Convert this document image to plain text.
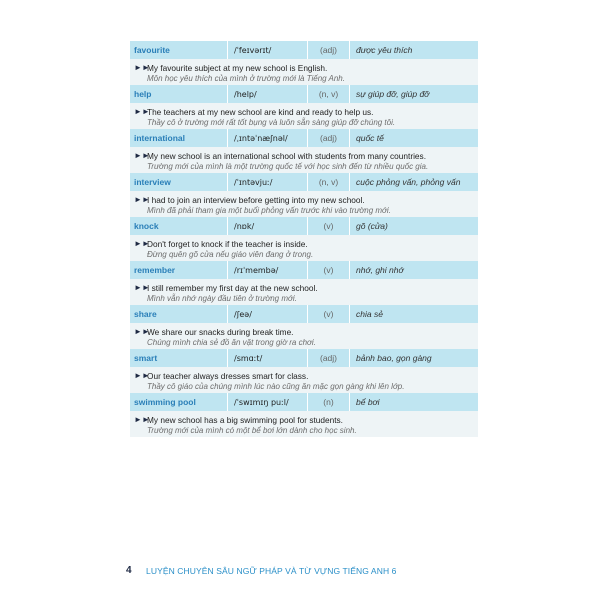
favourite	/ˈfeɪvərɪt/	(adj)	được yêu thích
►►
My favourite subject at my new school is English.
Môn học yêu thích của mình ở trường mới là Tiếng Anh.
help	/help/	(n, v)	sự giúp đỡ, giúp đỡ
►►
The teachers at my new school are kind and ready to help us.
Thầy cô ở trường mới rất tốt bụng và luôn sẵn sàng giúp đỡ chúng tôi.
international	/ˌɪntəˈnæʃnəl/	(adj)	quốc tế
►►
My new school is an international school with students from many countries.
Trường mới của mình là một trường quốc tế với học sinh đến từ nhiều quốc gia.
interview	/ˈɪntəvjuː/	(n, v)	cuộc phỏng vấn, phỏng vấn
►►
I had to join an interview before getting into my new school.
Mình đã phải tham gia một buổi phỏng vấn trước khi vào trường mới.
knock	/nɒk/	(v)	gõ (cửa)
►►
Don't forget to knock if the teacher is inside.
Đừng quên gõ cửa nếu giáo viên đang ở trong.
remember	/rɪˈmembə/	(v)	nhớ, ghi nhớ
►►
I still remember my first day at the new school.
Mình vẫn nhớ ngày đầu tiên ở trường mới.
share	/ʃeə/	(v)	chia sẻ
►►
We share our snacks during break time.
Chúng mình chia sẻ đồ ăn vặt trong giờ ra chơi.
smart	/smɑːt/	(adj)	bảnh bao, gọn gàng
►►
Our teacher always dresses smart for class.
Thầy cô giáo của chúng mình lúc nào cũng ăn mặc gọn gàng khi lên lớp.
swimming pool	/ˈswɪmɪŋ puːl/	(n)	bể bơi
►►
My new school has a big swimming pool for students.
Trường mới của mình có một bể bơi lớn dành cho học sinh.
4	LUYỆN CHUYÊN SÂU NGỮ PHÁP VÀ TỪ VỰNG TIẾNG ANH 6
